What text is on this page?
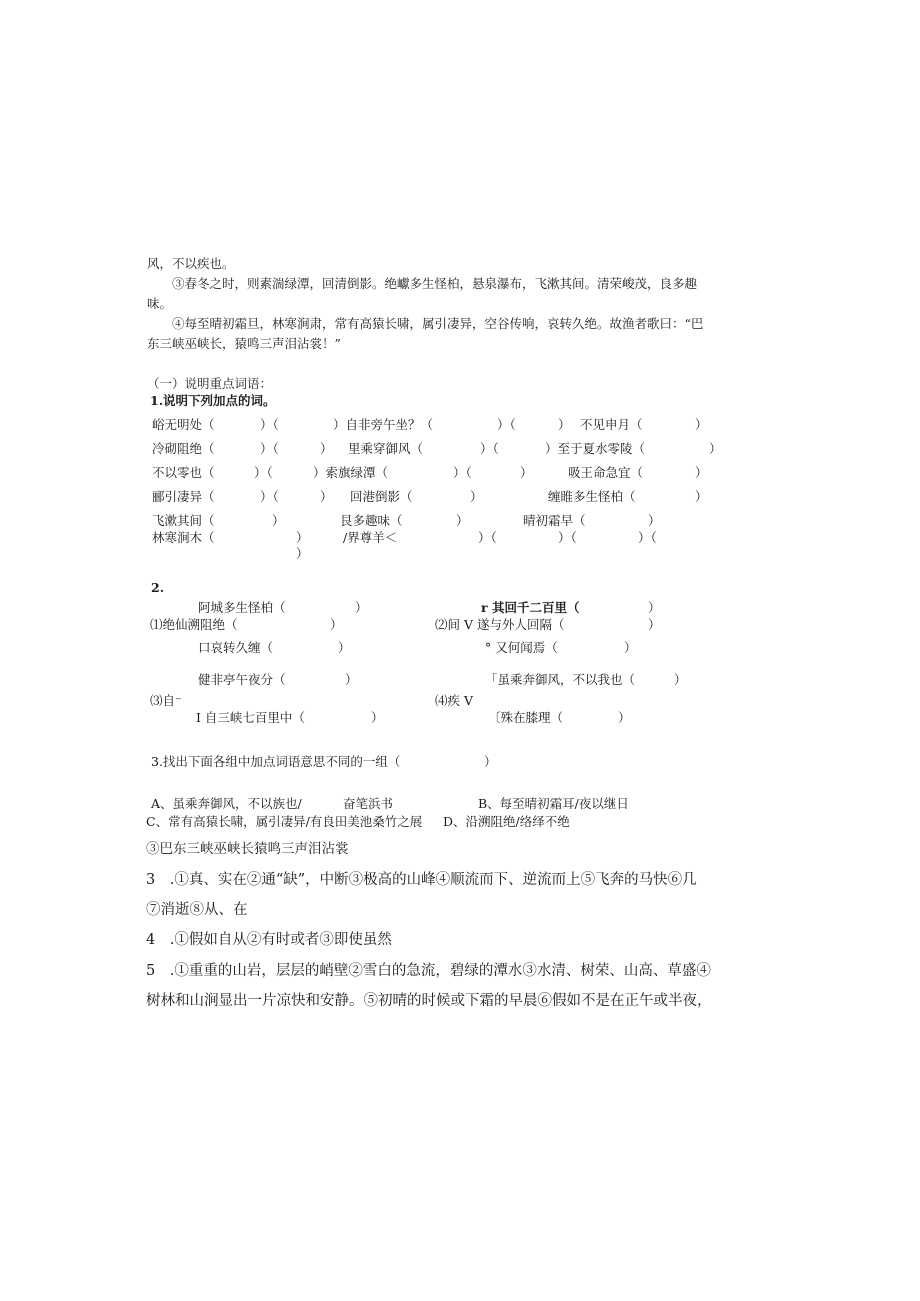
风，不以疾也。
③春冬之时，则素湍绿潭，回清倒影。绝巘多生怪柏，悬泉瀑布，飞漱其间。清荣峻茂，良多趣
味。
④每至晴初霜旦，林寒涧肃，常有高猿长啸，属引凄异，空谷传响，哀转久绝。故渔者歌曰：“巴
东三峡巫峡长，猿鸣三声泪沾裳！”
（一）说明重点词语：
1.说明下列加点的词。
峪无明处（	）（	）自非旁午坐？（	）（	） 不见申月（	）
冷砌阻绝（	）（	） 里乘穿御风（	）（	）至于夏水零陵（	）
不以零也（	）（	）索旗绿潭（	）（	）	吸王命急宜（	）
郦引凄异（	）（	） 回港倒影（	）	缠睢多生怪柏（	）
飞漱其间（	）	艮多趣味（	）	晴初霜早（	）
林寒涧木（	）	/界尊羊＜	）（	）（	）（
）
2.
阿城多生怪柏（	）	r 其回千二百里（	）
⑴绝仙溯阻绝（	）	⑵间 V 遂与外人回隔（	）
口哀转久缠（	）	° 又何闻焉（	）
健非亭午夜分（	）	「虽乘奔御风，不以我也（	）
⑶自⁻	⑷疾 V
I 自三峡七百里中（	）	〔殊在膝理（	）
3.找出下面各组中加点词语意思不同的一组（	）
A、虽乘奔御风，不以族也/	奋笔浜书	B、每至晴初霜耳/夜以继日
C、常有高猿长啸，属引凄异/有良田美池桑竹之展 D、沿溯阻绝/络绎不绝
③巴东三峡巫峡长猿鸣三声泪沾裳
3　.①真、实在②通“缺”，中断③极高的山峰④顺流而下、逆流而上⑤飞奔的马快⑥几
⑦消逝⑧从、在
4　.①假如自从②有时或者③即使虽然
5　.①重重的山岩，层层的峭壁②雪白的急流，碧绿的潭水③水清、树荣、山高、草盛④
树林和山涧显出一片凉快和安静。⑤初晴的时候或下霜的早晨⑥假如不是在正午或半夜，
